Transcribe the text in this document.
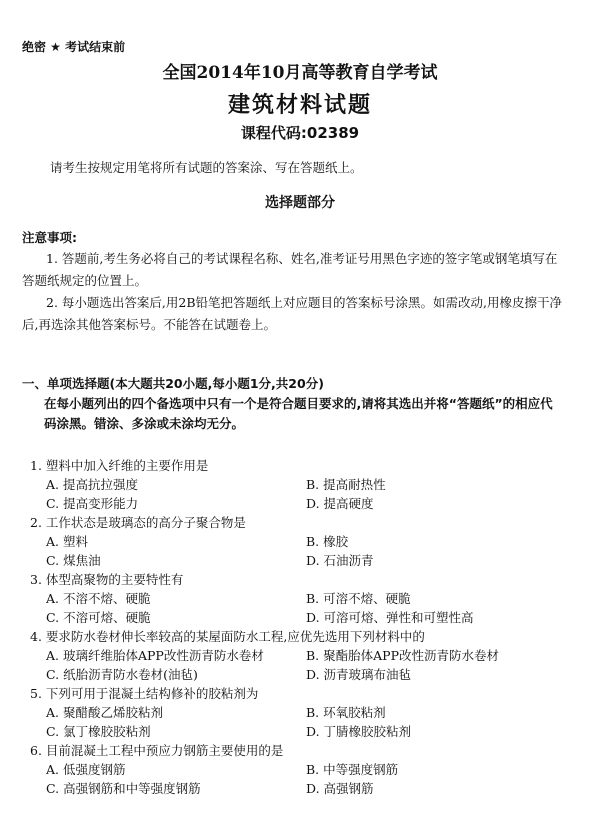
绝密 ★ 考试结束前
全国2014年10月高等教育自学考试
建筑材料试题
课程代码:02389
请考生按规定用笔将所有试题的答案涂、写在答题纸上。
选择题部分
注意事项:
1. 答题前,考生务必将自己的考试课程名称、姓名,准考证号用黑色字迹的签字笔或钢笔填写在答题纸规定的位置上。
2. 每小题选出答案后,用2B铅笔把答题纸上对应题目的答案标号涂黑。如需改动,用橡皮擦干净后,再选涂其他答案标号。不能答在试题卷上。
一、单项选择题(本大题共20小题,每小题1分,共20分)
在每小题列出的四个备选项中只有一个是符合题目要求的,请将其选出并将“答题纸”的相应代码涂黑。错涂、多涂或未涂均无分。
1. 塑料中加入纤维的主要作用是
A. 提高抗拉强度	B. 提高耐热性
C. 提高变形能力	D. 提高硬度
2. 工作状态是玻璃态的高分子聚合物是
A. 塑料	B. 橡胶
C. 煤焦油	D. 石油沥青
3. 体型高聚物的主要特性有
A. 不溶不熔、硬脆	B. 可溶不熔、硬脆
C. 不溶可熔、硬脆	D. 可溶可熔、弹性和可塑性高
4. 要求防水卷材伸长率较高的某屋面防水工程,应优先选用下列材料中的
A. 玻璃纤维胎体APP改性沥青防水卷材	B. 聚酯胎体APP改性沥青防水卷材
C. 纸胎沥青防水卷材(油毡)	D. 沥青玻璃布油毡
5. 下列可用于混凝土结构修补的胶粘剂为
A. 聚醋酸乙烯胶粘剂	B. 环氧胶粘剂
C. 氯丁橡胶胶粘剂	D. 丁腈橡胶胶粘剂
6. 目前混凝土工程中预应力钢筋主要使用的是
A. 低强度钢筋	B. 中等强度钢筋
C. 高强钢筋和中等强度钢筋	D. 高强钢筋
